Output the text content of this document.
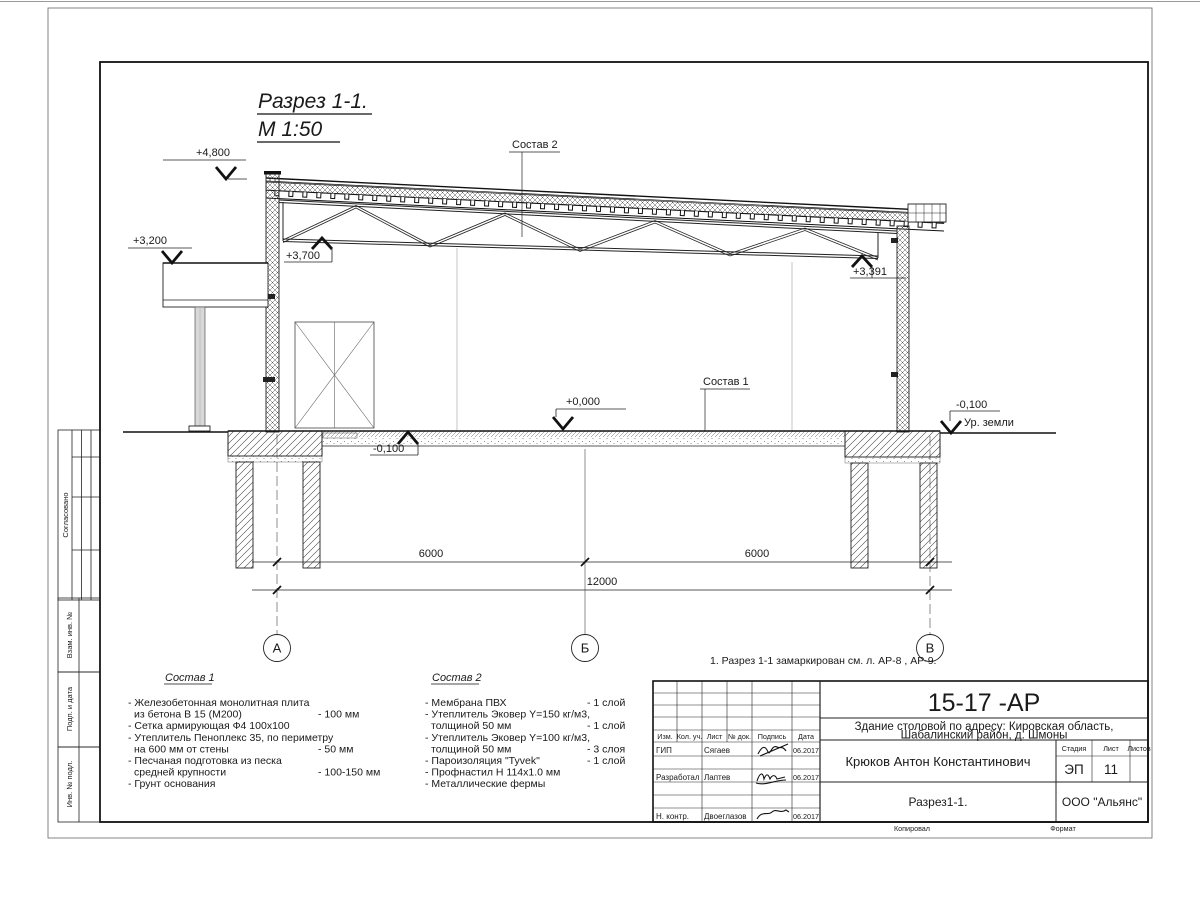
Согласовано
Взам. инв. №
Подп. и дата
Инв. № подл.
Разрез 1-1.
М 1:50
+4,800
+3,200
+3,700
+3,391
+0,000
-0,100
-0,100
Ур. земли
Состав 2
Состав 1
6000	6000
12000
А	Б	В
1. Разрез 1-1 замаркирован см. л. АР-8 , АР-9.
Состав 1
- Железобетонная монолитная плита
из бетона В 15 (М200)	- 100 мм
- Сетка армирующая Ф4 100x100
- Утеплитель Пеноплекс 35, по периметру
на 600 мм от стены	- 50 мм
- Песчаная подготовка из песка
средней крупности	- 100-150 мм
- Грунт основания
Состав 2
- Мембрана ПВХ	- 1 слой
- Утеплитель Эковер Y=150 кг/м3,
толщиной 50 мм	- 1 слой
- Утеплитель Эковер Y=100 кг/м3,
толщиной 50 мм	- 3 слоя
- Пароизоляция "Tyvek"	- 1 слой
- Профнастил Н 114x1.0 мм
- Металлические фермы
15-17 -АР
Здание столовой по адресу: Кировская область,
Шабалинский район, д. Шмоны
Крюков Антон Константинович
Стадия Лист Листов
ЭП 11
Разрез1-1.	ООО "Альянс"
Изм. Кол. уч. Лист № док. Подпись Дата
ГИП	Сягаев	06.2017
Разработал Лаптев	06.2017
Н. контр. Двоеглазов	06.2017
Копировал	Формат
